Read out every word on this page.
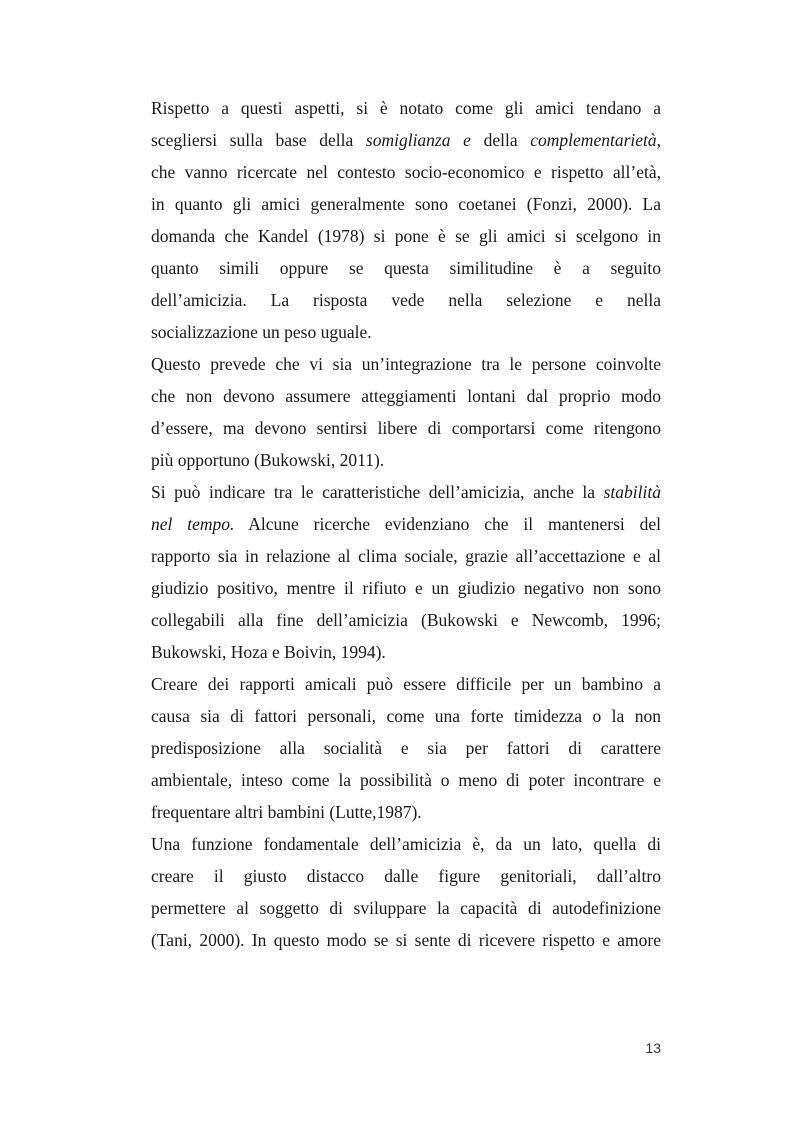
Rispetto a questi aspetti, si è notato come gli amici tendano a
scegliersi sulla base della somiglianza e della complementarietà,
che vanno ricercate nel contesto socio-economico e rispetto all’età,
in quanto gli amici generalmente sono coetanei (Fonzi, 2000). La
domanda che Kandel (1978) si pone è se gli amici si scelgono in
quanto simili oppure se questa similitudine è a seguito
dell’amicizia. La risposta vede nella selezione e nella
socializzazione un peso uguale.
Questo prevede che vi sia un’integrazione tra le persone coinvolte
che non devono assumere atteggiamenti lontani dal proprio modo
d’essere, ma devono sentirsi libere di comportarsi come ritengono
più opportuno (Bukowski, 2011).
Si può indicare tra le caratteristiche dell’amicizia, anche la stabilità
nel tempo. Alcune ricerche evidenziano che il mantenersi del
rapporto sia in relazione al clima sociale, grazie all’accettazione e al
giudizio positivo, mentre il rifiuto e un giudizio negativo non sono
collegabili alla fine dell’amicizia (Bukowski e Newcomb, 1996;
Bukowski, Hoza e Boivin, 1994).
Creare dei rapporti amicali può essere difficile per un bambino a
causa sia di fattori personali, come una forte timidezza o la non
predisposizione alla socialità e sia per fattori di carattere
ambientale, inteso come la possibilità o meno di poter incontrare e
frequentare altri bambini (Lutte,1987).
Una funzione fondamentale dell’amicizia è, da un lato, quella di
creare il giusto distacco dalle figure genitoriali, dall’altro
permettere al soggetto di sviluppare la capacità di autodefinizione
(Tani, 2000). In questo modo se si sente di ricevere rispetto e amore
13
